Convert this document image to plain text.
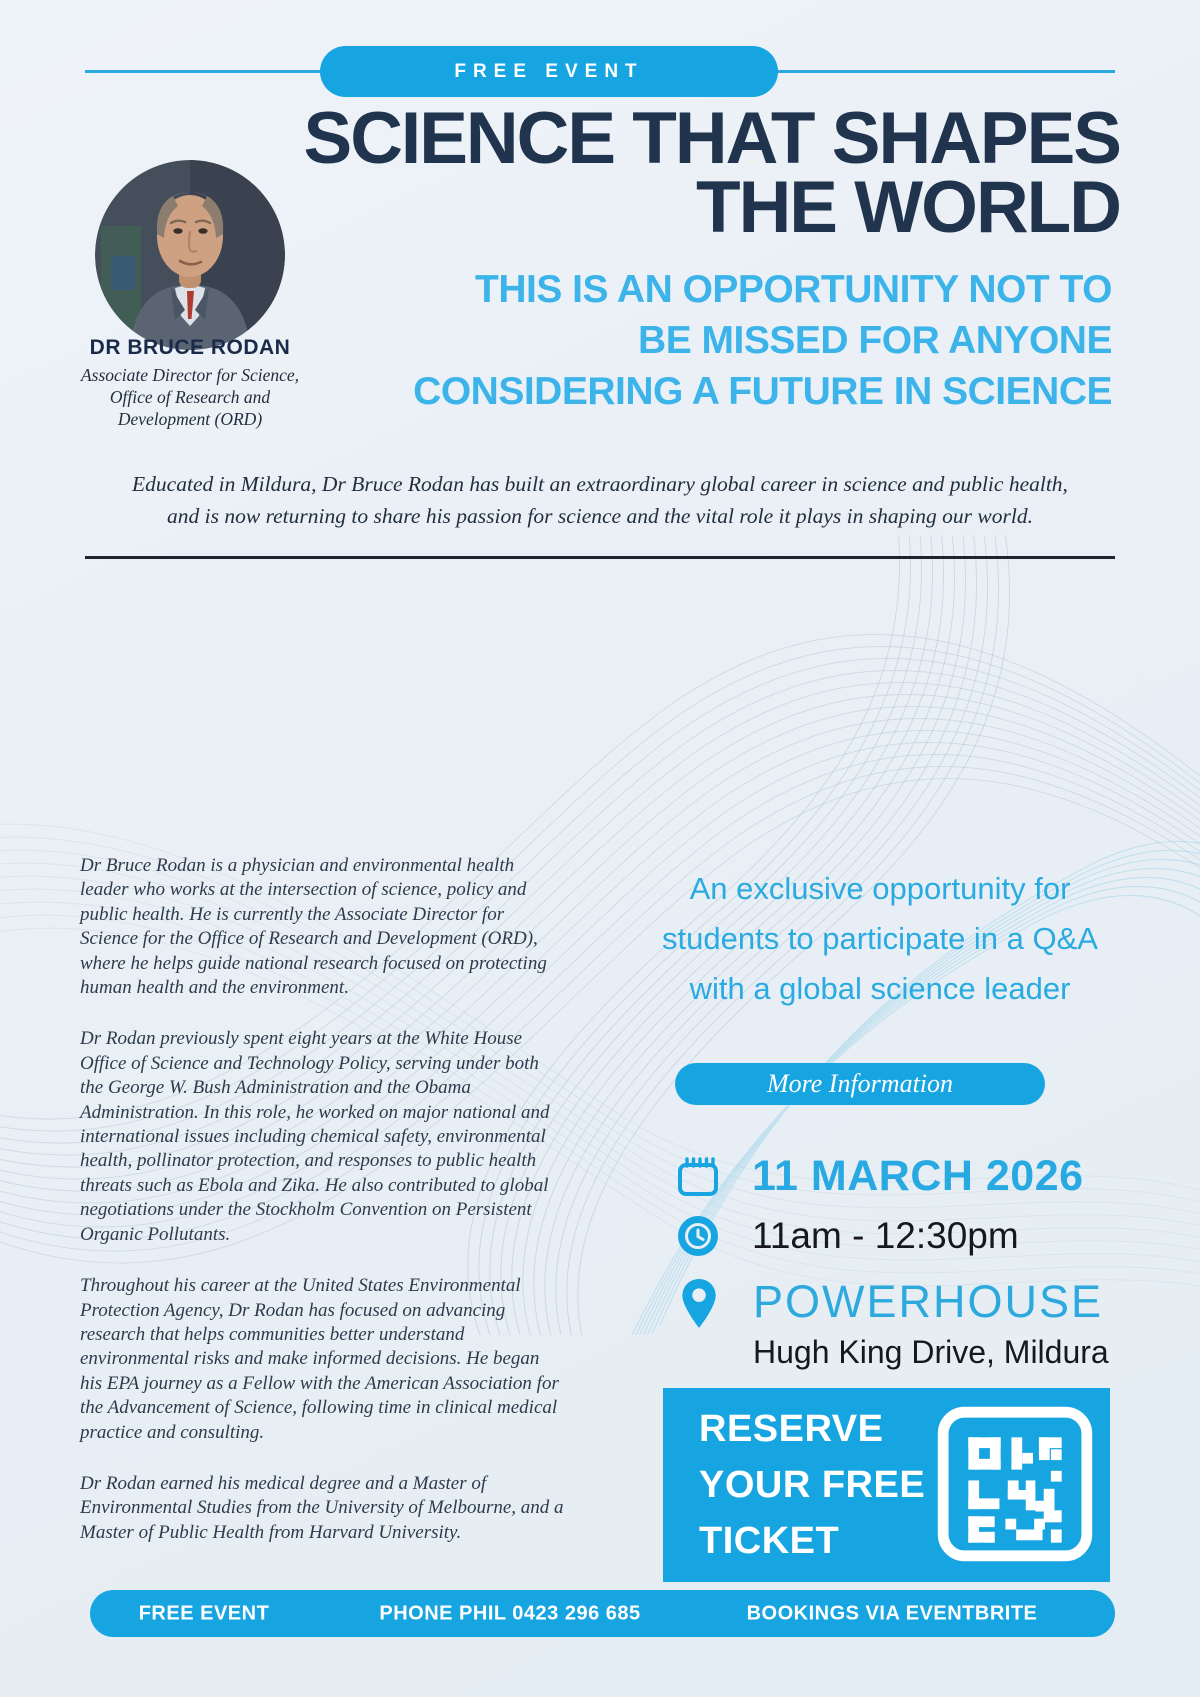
FREE EVENT
SCIENCE THAT SHAPES
THE WORLD
THIS IS AN OPPORTUNITY NOT TO
BE MISSED FOR ANYONE
CONSIDERING A FUTURE IN SCIENCE
DR BRUCE RODAN
Associate Director for Science,
Office of Research and
Development (ORD)
Educated in Mildura, Dr Bruce Rodan has built an extraordinary global career in science and public health,
and is now returning to share his passion for science and the vital role it plays in shaping our world.

Dr Bruce Rodan is a physician and environmental health leader who works at the intersection of science, policy and public health. He is currently the Associate Director for Science for the Office of Research and Development (ORD), where he helps guide national research focused on protecting human health and the environment.

Dr Rodan previously spent eight years at the White House Office of Science and Technology Policy, serving under both the George W. Bush Administration and the Obama Administration. In this role, he worked on major national and international issues including chemical safety, environmental health, pollinator protection, and responses to public health threats such as Ebola and Zika. He also contributed to global negotiations under the Stockholm Convention on Persistent Organic Pollutants.

Throughout his career at the United States Environmental Protection Agency, Dr Rodan has focused on advancing research that helps communities better understand environmental risks and make informed decisions. He began his EPA journey as a Fellow with the American Association for the Advancement of Science, following time in clinical medical practice and consulting.

Dr Rodan earned his medical degree and a Master of Environmental Studies from the University of Melbourne, and a Master of Public Health from Harvard University.

An exclusive opportunity for
students to participate in a Q&A
with a global science leader
More Information
11 MARCH 2026
11am - 12:30pm
POWERHOUSE
Hugh King Drive, Mildura
RESERVE
YOUR FREE
TICKET
FREE EVENT	PHONE PHIL 0423 296 685	BOOKINGS VIA EVENTBRITE
